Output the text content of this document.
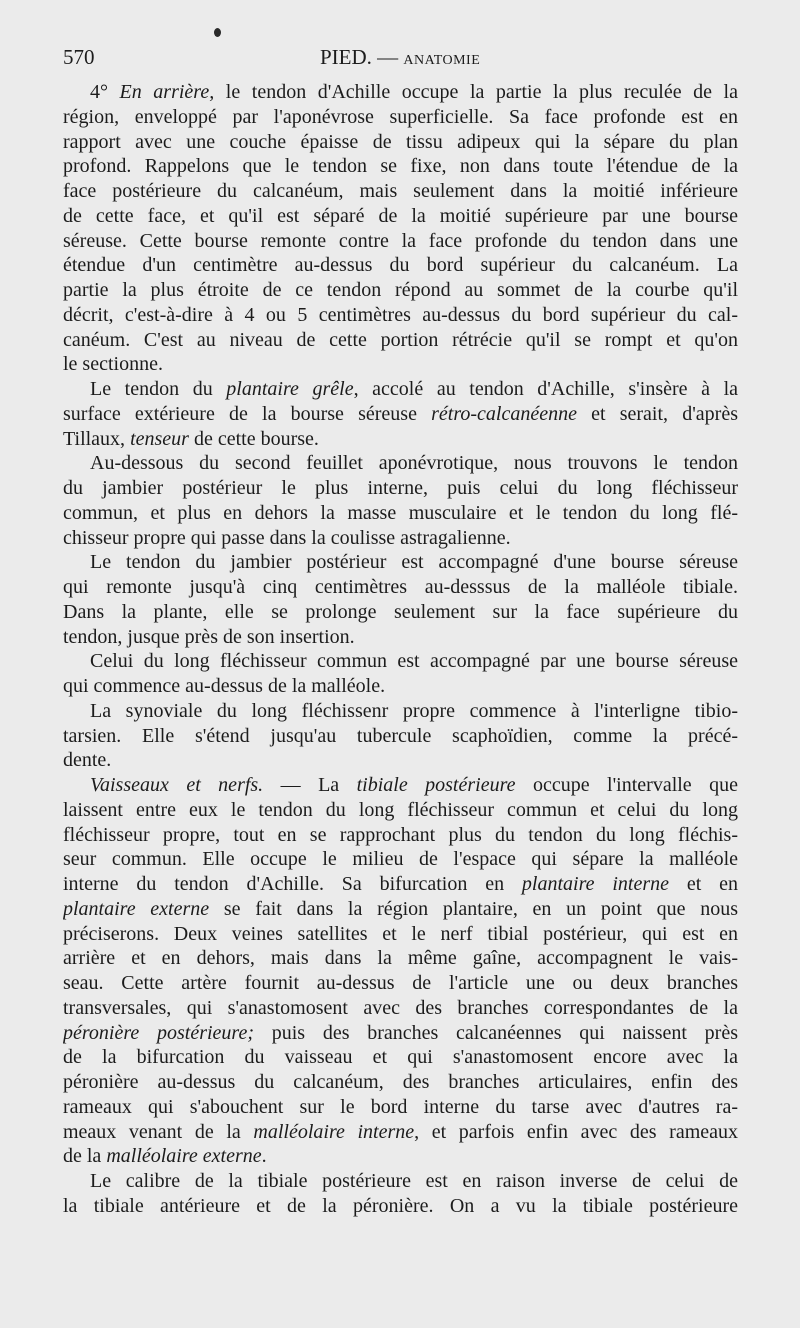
570	PIED. — ANATOMIE
4° En arrière, le tendon d'Achille occupe la partie la plus reculée de la
région, enveloppé par l'aponévrose superficielle. Sa face profonde est en
rapport avec une couche épaisse de tissu adipeux qui la sépare du plan
profond. Rappelons que le tendon se fixe, non dans toute l'étendue de la
face postérieure du calcanéum, mais seulement dans la moitié inférieure
de cette face, et qu'il est séparé de la moitié supérieure par une bourse
séreuse. Cette bourse remonte contre la face profonde du tendon dans une
étendue d'un centimètre au-dessus du bord supérieur du calcanéum. La
partie la plus étroite de ce tendon répond au sommet de la courbe qu'il
décrit, c'est-à-dire à 4 ou 5 centimètres au-dessus du bord supérieur du cal-
canéum. C'est au niveau de cette portion rétrécie qu'il se rompt et qu'on
le sectionne.
Le tendon du plantaire grêle, accolé au tendon d'Achille, s'insère à la
surface extérieure de la bourse séreuse rétro-calcanéenne et serait, d'après
Tillaux, tenseur de cette bourse.
Au-dessous du second feuillet aponévrotique, nous trouvons le tendon
du jambier postérieur le plus interne, puis celui du long fléchisseur
commun, et plus en dehors la masse musculaire et le tendon du long flé-
chisseur propre qui passe dans la coulisse astragalienne.
Le tendon du jambier postérieur est accompagné d'une bourse séreuse
qui remonte jusqu'à cinq centimètres au-desssus de la malléole tibiale.
Dans la plante, elle se prolonge seulement sur la face supérieure du
tendon, jusque près de son insertion.
Celui du long fléchisseur commun est accompagné par une bourse séreuse
qui commence au-dessus de la malléole.
La synoviale du long fléchissenr propre commence à l'interligne tibio-
tarsien. Elle s'étend jusqu'au tubercule scaphoïdien, comme la précé-
dente.
Vaisseaux et nerfs. — La tibiale postérieure occupe l'intervalle que
laissent entre eux le tendon du long fléchisseur commun et celui du long
fléchisseur propre, tout en se rapprochant plus du tendon du long fléchis-
seur commun. Elle occupe le milieu de l'espace qui sépare la malléole
interne du tendon d'Achille. Sa bifurcation en plantaire interne et en
plantaire externe se fait dans la région plantaire, en un point que nous
préciserons. Deux veines satellites et le nerf tibial postérieur, qui est en
arrière et en dehors, mais dans la même gaîne, accompagnent le vais-
seau. Cette artère fournit au-dessus de l'article une ou deux branches
transversales, qui s'anastomosent avec des branches correspondantes de la
péronière postérieure; puis des branches calcanéennes qui naissent près
de la bifurcation du vaisseau et qui s'anastomosent encore avec la
péronière au-dessus du calcanéum, des branches articulaires, enfin des
rameaux qui s'abouchent sur le bord interne du tarse avec d'autres ra-
meaux venant de la malléolaire interne, et parfois enfin avec des rameaux
de la malléolaire externe.
Le calibre de la tibiale postérieure est en raison inverse de celui de
la tibiale antérieure et de la péronière. On a vu la tibiale postérieure
